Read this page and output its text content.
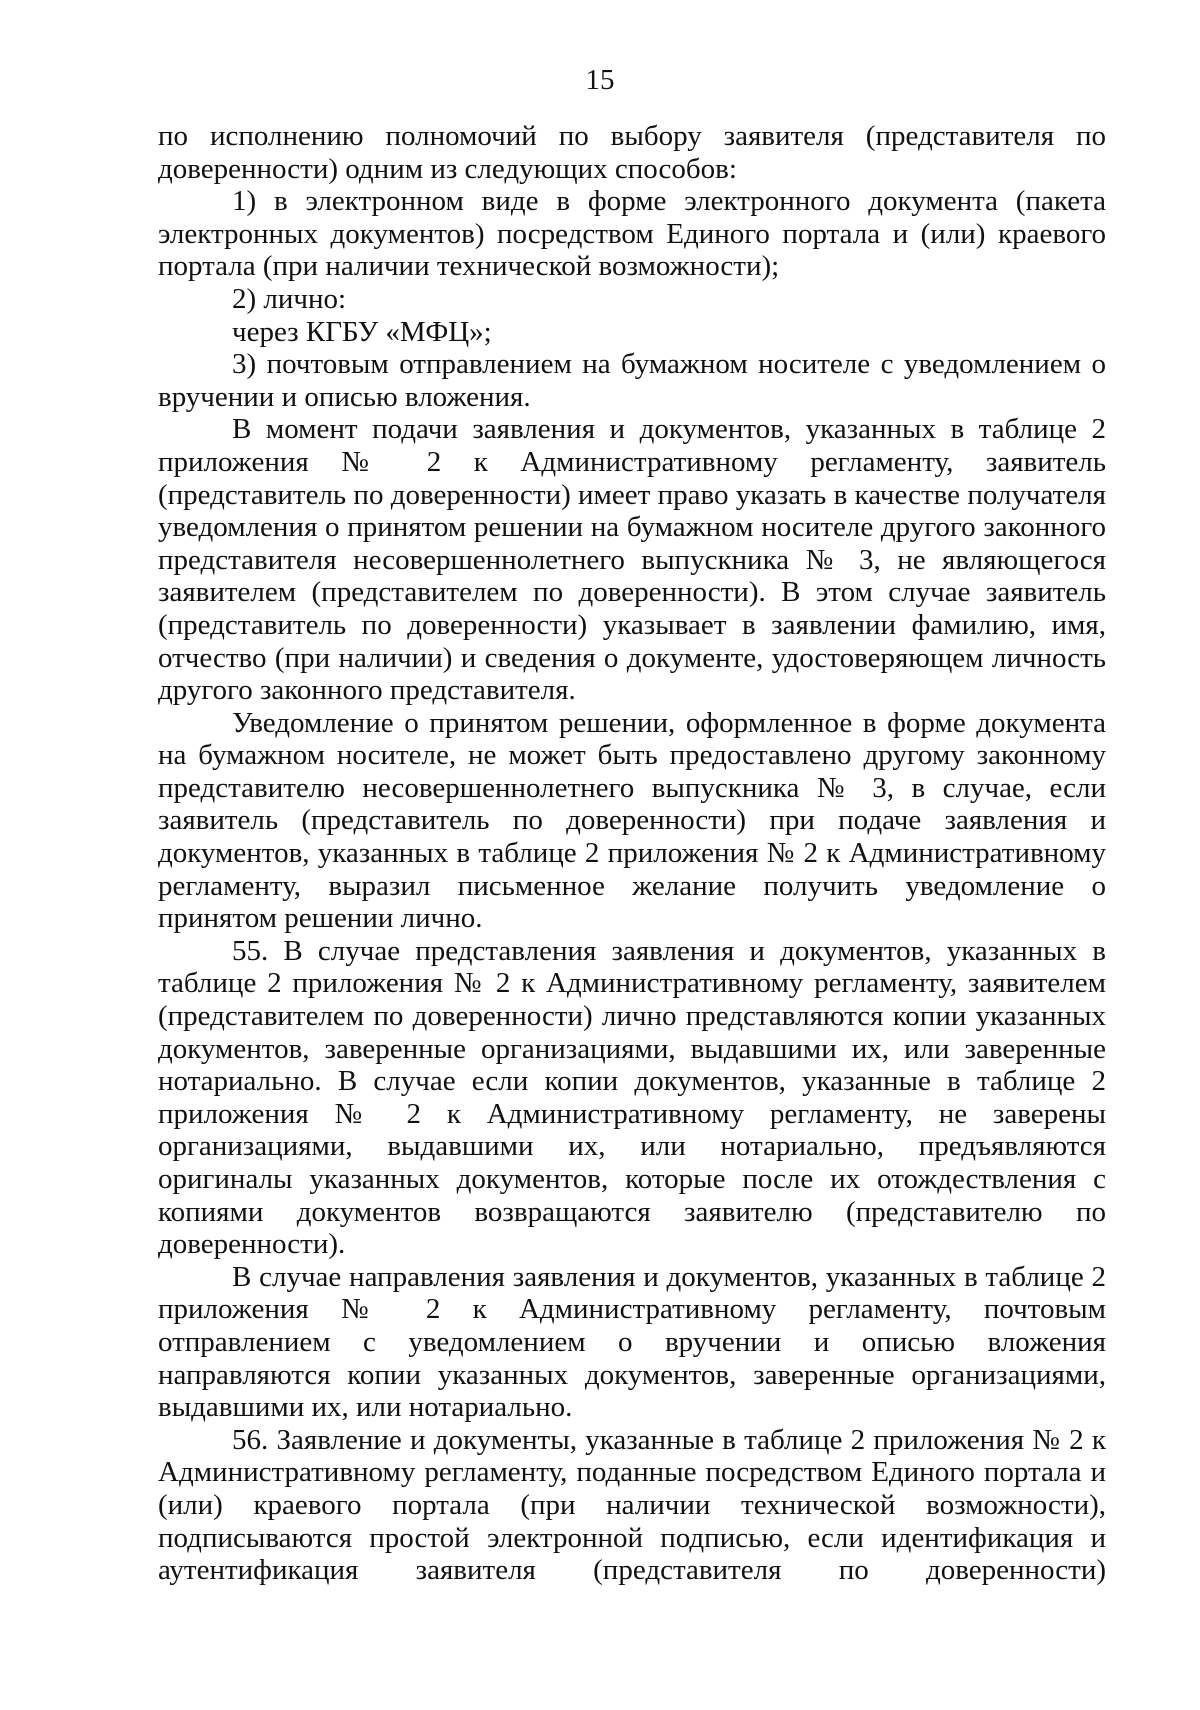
15

по исполнению полномочий по выбору заявителя (представителя по доверенности) одним из следующих способов:

1) в электронном виде в форме электронного документа (пакета электронных документов) посредством Единого портала и (или) краевого портала (при наличии технической возможности);

2) лично:

через КГБУ «МФЦ»;

3) почтовым отправлением на бумажном носителе с уведомлением о вручении и описью вложения.

В момент подачи заявления и документов, указанных в таблице 2 приложения № 2 к Административному регламенту, заявитель (представитель по доверенности) имеет право указать в качестве получателя уведомления о принятом решении на бумажном носителе другого законного представителя несовершеннолетнего выпускника № 3, не являющегося заявителем (представителем по доверенности). В этом случае заявитель (представитель по доверенности) указывает в заявлении фамилию, имя, отчество (при наличии) и сведения о документе, удостоверяющем личность другого законного представителя.

Уведомление о принятом решении, оформленное в форме документа на бумажном носителе, не может быть предоставлено другому законному представителю несовершеннолетнего выпускника № 3, в случае, если заявитель (представитель по доверенности) при подаче заявления и документов, указанных в таблице 2 приложения № 2 к Административному регламенту, выразил письменное желание получить уведомление о принятом решении лично.

55. В случае представления заявления и документов, указанных в таблице 2 приложения № 2 к Административному регламенту, заявителем (представителем по доверенности) лично представляются копии указанных документов, заверенные организациями, выдавшими их, или заверенные нотариально. В случае если копии документов, указанные в таблице 2 приложения № 2 к Административному регламенту, не заверены организациями, выдавшими их, или нотариально, предъявляются оригиналы указанных документов, которые после их отождествления с копиями документов возвращаются заявителю (представителю по доверенности).

В случае направления заявления и документов, указанных в таблице 2 приложения № 2 к Административному регламенту, почтовым отправлением с уведомлением о вручении и описью вложения направляются копии указанных документов, заверенные организациями, выдавшими их, или нотариально.

56. Заявление и документы, указанные в таблице 2 приложения № 2 к Административному регламенту, поданные посредством Единого портала и (или) краевого портала (при наличии технической возможности), подписываются простой электронной подписью, если идентификация и аутентификация заявителя (представителя по доверенности)
